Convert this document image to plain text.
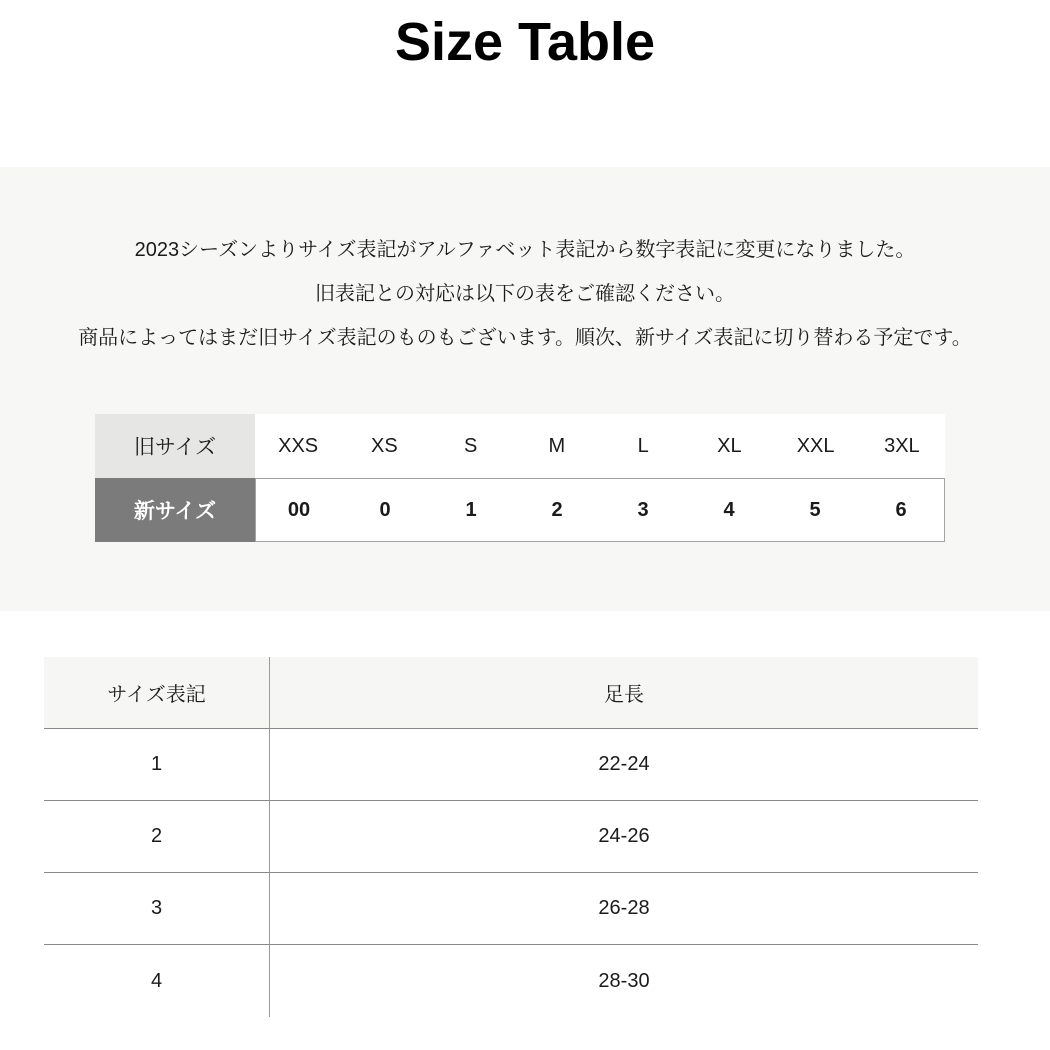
Size Table
2023シーズンよりサイズ表記がアルファベット表記から数字表記に変更になりました。
旧表記との対応は以下の表をご確認ください。
商品によってはまだ旧サイズ表記のものもございます。順次、新サイズ表記に切り替わる予定です。
旧サイズ	XXS	XS	S	M	L	XL	XXL	3XL
新サイズ	00	0	1	2	3	4	5	6
サイズ表記	足長
1	22-24
2	24-26
3	26-28
4	28-30
